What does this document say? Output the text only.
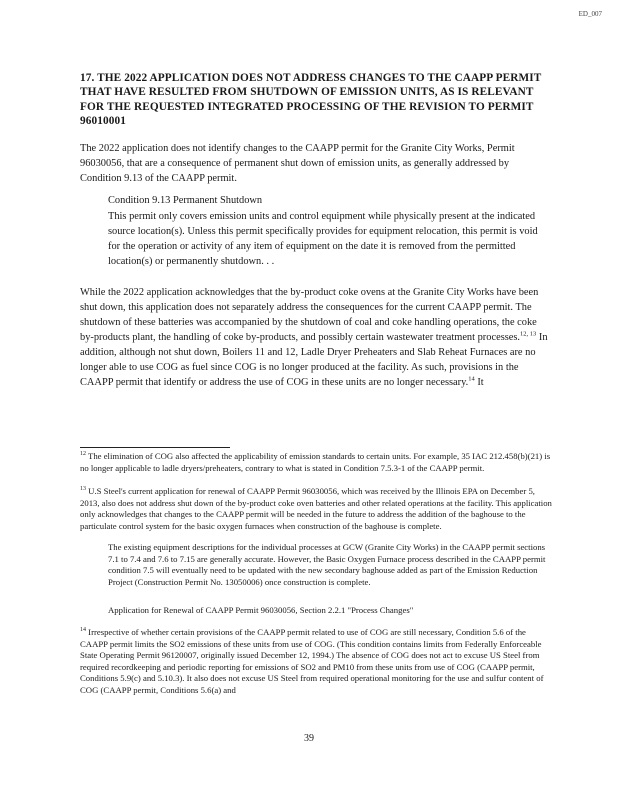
ED_007
17. THE 2022 APPLICATION DOES NOT ADDRESS CHANGES TO THE CAAPP PERMIT THAT HAVE RESULTED FROM SHUTDOWN OF EMISSION UNITS, AS IS RELEVANT FOR THE REQUESTED INTEGRATED PROCESSING OF THE REVISION TO PERMIT 96010001

The 2022 application does not identify changes to the CAAPP permit for the Granite City Works, Permit 96030056, that are a consequence of permanent shut down of emission units, as generally addressed by Condition 9.13 of the CAAPP permit.

Condition 9.13 Permanent Shutdown

This permit only covers emission units and control equipment while physically present at the indicated source location(s). Unless this permit specifically provides for equipment relocation, this permit is void for the operation or activity of any item of equipment on the date it is removed from the permitted location(s) or permanently shutdown. . .

While the 2022 application acknowledges that the by-product coke ovens at the Granite City Works have been shut down, this application does not separately address the consequences for the current CAAPP permit. The shutdown of these batteries was accompanied by the shutdown of coal and coke handling operations, the coke by-products plant, the handling of coke by-products, and possibly certain wastewater treatment processes.$^{12, 13}$ In addition, although not shut down, Boilers 11 and 12, Ladle Dryer Preheaters and Slab Reheat Furnaces are no longer able to use COG as fuel since COG is no longer produced at the facility. As such, provisions in the CAAPP permit that identify or address the use of COG in these units are no longer necessary.$^{14}$ It

$^{12}$ The elimination of COG also affected the applicability of emission standards to certain units. For example, 35 IAC 212.458(b)(21) is no longer applicable to ladle dryers/preheaters, contrary to what is stated in Condition 7.5.3-1 of the CAAPP permit.

$^{13}$ U.S Steel's current application for renewal of CAAPP Permit 96030056, which was received by the Illinois EPA on December 5, 2013, also does not address shut down of the by-product coke oven batteries and other related operations at the facility. This application only acknowledges that changes to the CAAPP permit will be needed in the future to address the addition of the baghouse to the particulate control system for the basic oxygen furnaces when construction of the baghouse is complete.

The existing equipment descriptions for the individual processes at GCW (Granite City Works) in the CAAPP permit sections 7.1 to 7.4 and 7.6 to 7.15 are generally accurate. However, the Basic Oxygen Furnace process described in the CAAPP permit condition 7.5 will eventually need to be updated with the new secondary baghouse added as part of the Emission Reduction Project (Construction Permit No. 13050006) once construction is complete.

Application for Renewal of CAAPP Permit 96030056, Section 2.2.1 "Process Changes"

$^{14}$ Irrespective of whether certain provisions of the CAAPP permit related to use of COG are still necessary, Condition 5.6 of the CAAPP permit limits the SO2 emissions of these units from use of COG. (This condition contains limits from Federally Enforceable State Operating Permit 96120007, originally issued December 12, 1994.) The absence of COG does not act to excuse US Steel from required recordkeeping and periodic reporting for emissions of SO2 and PM10 from these units from use of COG (CAAPP permit, Conditions 5.9(c) and 5.10.3). It also does not excuse US Steel from required operational monitoring for the use and sulfur content of COG (CAAPP permit, Conditions 5.6(a) and

39
